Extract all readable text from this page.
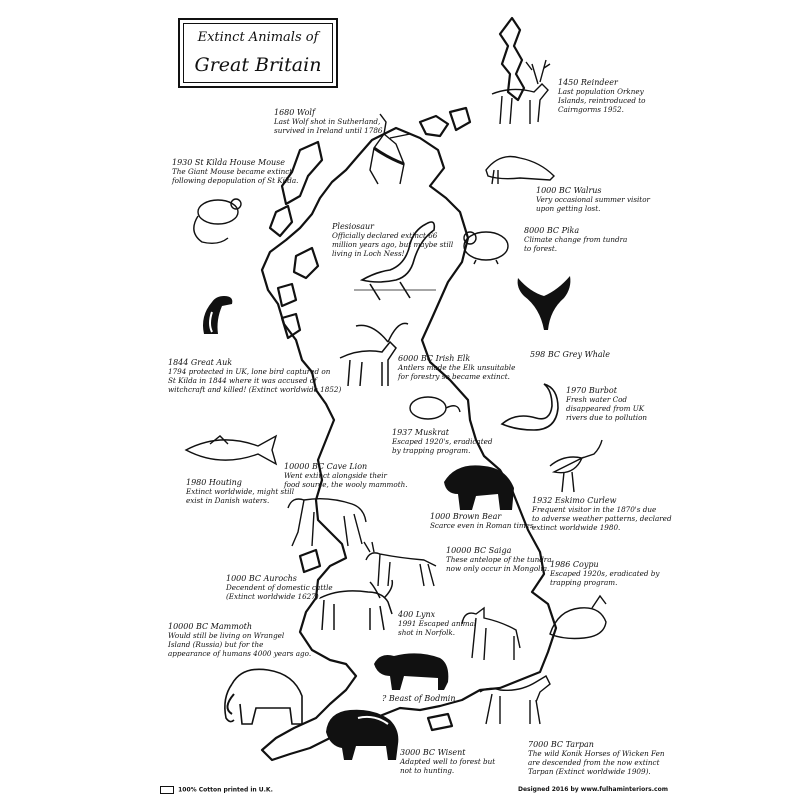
Extinct Animals of
Great Britain
1450 Reindeer
Last population Orkney
Islands, reintroduced to
Cairngorms 1952.
1680 Wolf
Last Wolf shot in Sutherland,
survived in Ireland until 1786
1930 St Kilda House Mouse
The Giant Mouse became extinct
following depopulation of St Kilda.
1000 BC Walrus
Very occasional summer visitor
upon getting lost.
Plesiosaur
Officially declared extinct 66
million years ago, but maybe still
living in Loch Ness!
8000 BC Pika
Climate change from tundra
to forest.
1844 Great Auk
1794 protected in UK, lone bird captured on
St Kilda in 1844 where it was accused of
witchcraft and killed! (Extinct worldwide 1852)
6000 BC Irish Elk
Antlers made the Elk unsuitable
for forestry so became extinct.
598 BC Grey Whale
1970 Burbot
Fresh water Cod
disappeared from UK
rivers due to pollution
1937 Muskrat
Escaped 1920's, eradicated
by trapping program.
1980 Houting
Extinct worldwide, might still
exist in Danish waters.
10000 BC Cave Lion
Went extinct alongside their
food source, the wooly mammoth.
1000 Brown Bear
Scarce even in Roman times.
1932 Eskimo Curlew
Frequent visitor in the 1870's due
to adverse weather patterns, declared
extinct worldwide 1980.
10000 BC Saiga
These antelope of the tundra
now only occur in Mongolia. 1986 Coypu
Escaped 1920s, eradicated by
trapping program.
1000 BC Aurochs
Decendent of domestic cattle
(Extinct worldwide 1627).
400 Lynx
1991 Escaped animal
shot in Norfolk.
10000 BC Mammoth
Would still be living on Wrangel
Island (Russia) but for the
appearance of humans 4000 years ago.
? Beast of Bodmin
3000 BC Wisent
Adapted well to forest but
not to hunting.
7000 BC Tarpan
The wild Konik Horses of Wicken Fen
are descended from the now extinct
Tarpan (Extinct worldwide 1909).
100% Cotton printed in U.K.	Designed 2016 by www.fulhaminteriors.com
